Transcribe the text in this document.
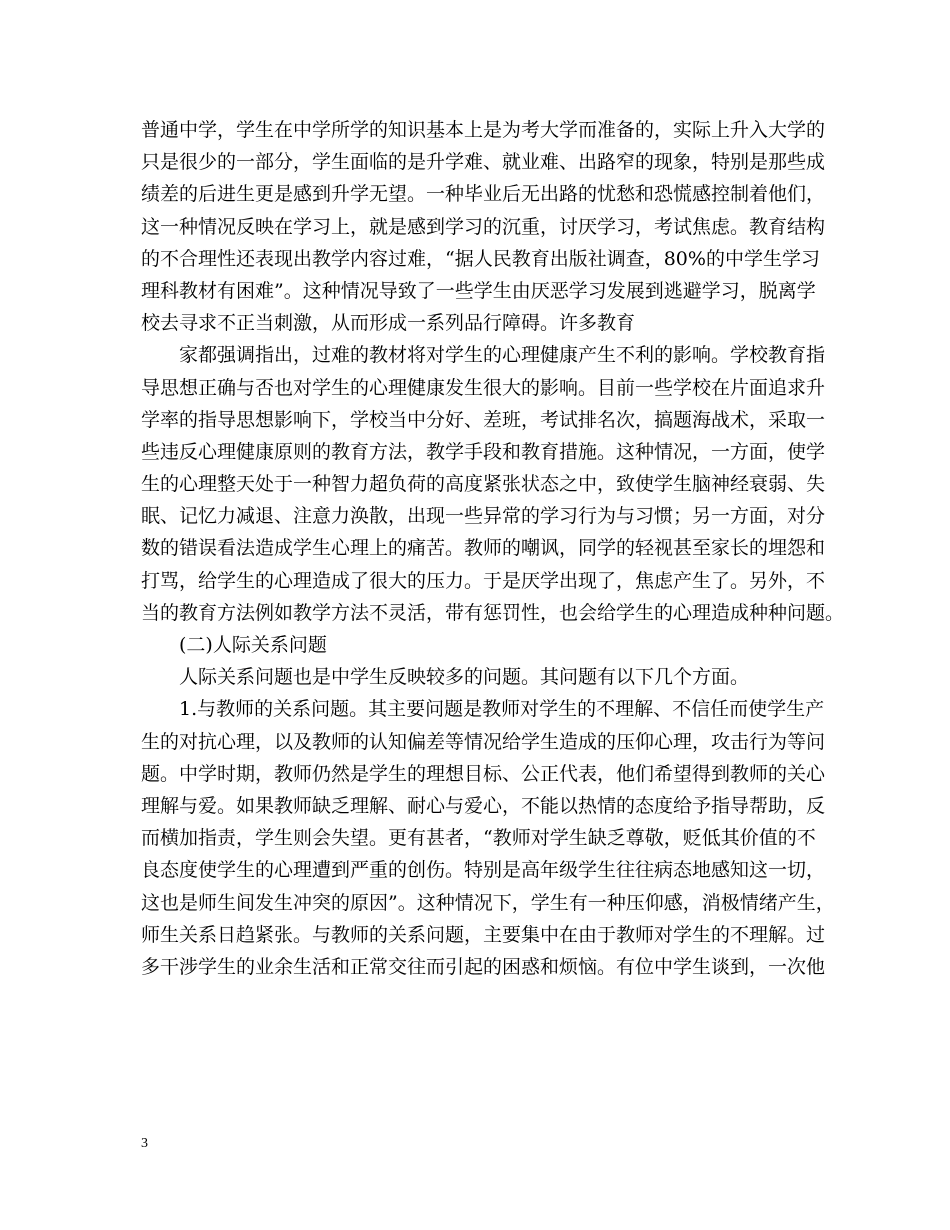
普通中学，学生在中学所学的知识基本上是为考大学而准备的，实际上升入大学的
只是很少的一部分，学生面临的是升学难、就业难、出路窄的现象，特别是那些成
绩差的后进生更是感到升学无望。一种毕业后无出路的忧愁和恐慌感控制着他们，
这一种情况反映在学习上，就是感到学习的沉重，讨厌学习，考试焦虑。教育结构
的不合理性还表现出教学内容过难，“据人民教育出版社调查，80%的中学生学习
理科教材有困难”。这种情况导致了一些学生由厌恶学习发展到逃避学习，脱离学
校去寻求不正当刺激，从而形成一系列品行障碍。许多教育
家都强调指出，过难的教材将对学生的心理健康产生不利的影响。学校教育指
导思想正确与否也对学生的心理健康发生很大的影响。目前一些学校在片面追求升
学率的指导思想影响下，学校当中分好、差班，考试排名次，搞题海战术，采取一
些违反心理健康原则的教育方法，教学手段和教育措施。这种情况，一方面，使学
生的心理整天处于一种智力超负荷的高度紧张状态之中，致使学生脑神经衰弱、失
眠、记忆力减退、注意力涣散，出现一些异常的学习行为与习惯；另一方面，对分
数的错误看法造成学生心理上的痛苦。教师的嘲讽，同学的轻视甚至家长的埋怨和
打骂，给学生的心理造成了很大的压力。于是厌学出现了，焦虑产生了。另外，不
当的教育方法例如教学方法不灵活，带有惩罚性，也会给学生的心理造成种种问题。
(二)人际关系问题
人际关系问题也是中学生反映较多的问题。其问题有以下几个方面。
1.与教师的关系问题。其主要问题是教师对学生的不理解、不信任而使学生产
生的对抗心理，以及教师的认知偏差等情况给学生造成的压仰心理，攻击行为等问
题。中学时期，教师仍然是学生的理想目标、公正代表，他们希望得到教师的关心
理解与爱。如果教师缺乏理解、耐心与爱心，不能以热情的态度给予指导帮助，反
而横加指责，学生则会失望。更有甚者，“教师对学生缺乏尊敬，贬低其价值的不
良态度使学生的心理遭到严重的创伤。特别是高年级学生往往病态地感知这一切，
这也是师生间发生冲突的原因”。这种情况下，学生有一种压仰感，消极情绪产生，
师生关系日趋紧张。与教师的关系问题，主要集中在由于教师对学生的不理解。过
多干涉学生的业余生活和正常交往而引起的困惑和烦恼。有位中学生谈到，一次他
3
